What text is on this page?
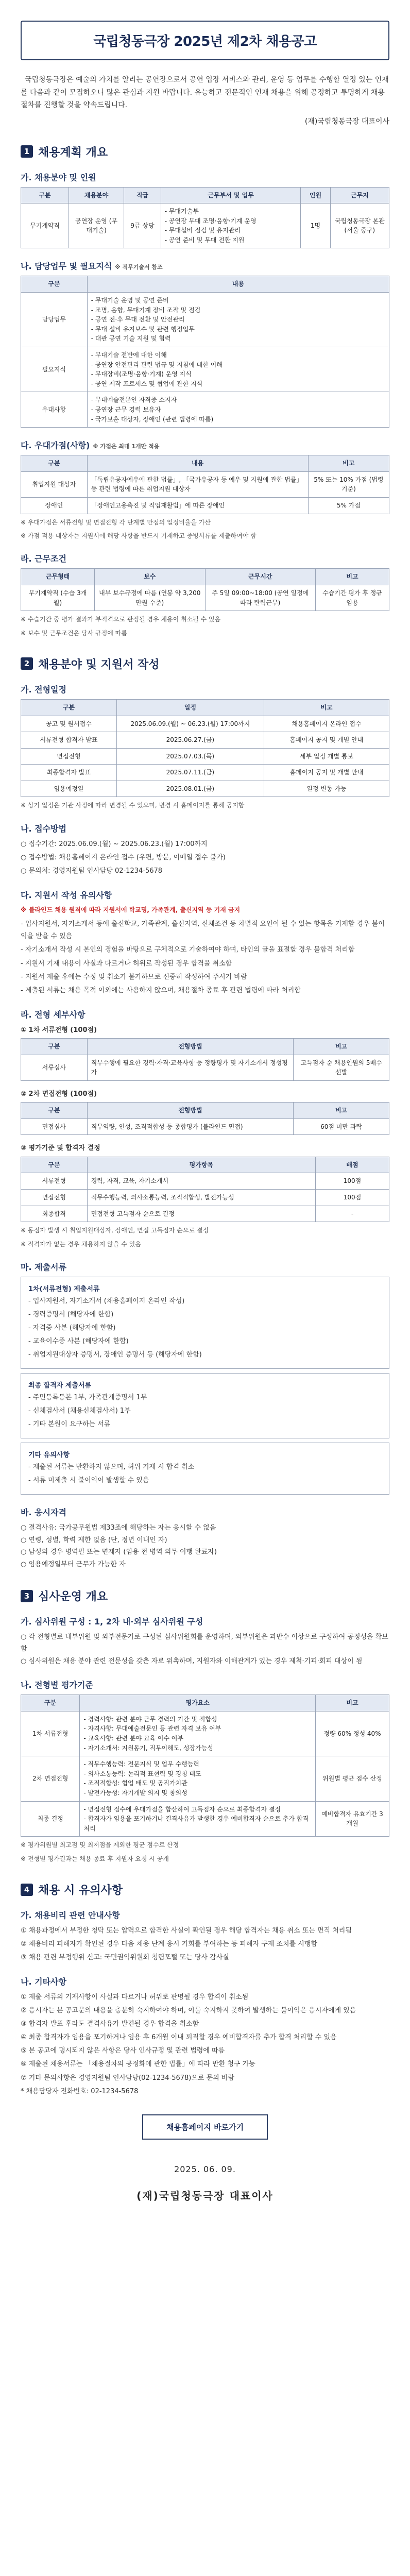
국립청동극장 2025년 제2차 채용공고

국립청동극장은 예술의 가치를 알리는 공연장으로서 공연 입장 서비스와 관리, 운영 등 업무를 수행할 열정 있는 인재를 다음과 같이 모집하오니 많은 관심과 지원 바랍니다. 유능하고 전문적인 인재 채용을 위해 공정하고 투명하게 채용절차를 진행할 것을 약속드립니다.

(재)국립청동극장 대표이사
1 채용계획 개요
가. 채용분야 및 인원
구분	채용분야	직급	근무부서 및 업무	인원	근무지
무기계약직	공연장 운영 (무대기술)	9급 상당	- 무대기술부
- 공연장 무대 조명·음향·기계 운영
- 무대설비 점검 및 유지관리
- 공연 준비 및 무대 전환 지원	1명	국립청동극장 본관 (서울 중구)
나. 담당업무 및 필요지식 ※ 직무기술서 참조
구분	내용
담당업무	- 무대기술 운영 및 공연 준비
- 조명, 음향, 무대기계 장비 조작 및 점검
- 공연 전·후 무대 전환 및 안전관리
- 무대 설비 유지보수 및 관련 행정업무
- 대관 공연 기술 지원 및 협력
필요지식	- 무대기술 전반에 대한 이해
- 공연장 안전관리 관련 법규 및 지침에 대한 이해
- 무대장비(조명·음향·기계) 운영 지식
- 공연 제작 프로세스 및 협업에 관한 지식
우대사항	- 무대예술전문인 자격증 소지자
- 공연장 근무 경력 보유자
- 국가보훈 대상자, 장애인 (관련 법령에 따름)
다. 우대가점(사항) ※ 가점은 최대 1개만 적용
구분	내용	비고
취업지원 대상자	「독립유공자예우에 관한 법률」, 「국가유공자 등 예우 및 지원에 관한 법률」 등 관련 법령에 따른 취업지원 대상자	5% 또는 10% 가점 (법령 기준)
장애인	「장애인고용촉진 및 직업재활법」에 따른 장애인	5% 가점
※ 우대가점은 서류전형 및 면접전형 각 단계별 만점의 일정비율을 가산
※ 가점 적용 대상자는 지원서에 해당 사항을 반드시 기재하고 증빙서류를 제출하여야 함
라. 근무조건
근무형태	보수	근무시간	비고
무기계약직 (수습 3개월)	내부 보수규정에 따름 (연봉 약 3,200만원 수준)	주 5일 09:00~18:00 (공연 일정에 따라 탄력근무)	수습기간 평가 후 정규 임용
※ 수습기간 중 평가 결과가 부적격으로 판정될 경우 채용이 취소될 수 있음
※ 보수 및 근무조건은 당사 규정에 따름
2 채용분야 및 지원서 작성
가. 전형일정
구분	일정	비고
공고 및 원서접수	2025.06.09.(월) ~ 06.23.(월) 17:00까지	채용홈페이지 온라인 접수
서류전형 합격자 발표	2025.06.27.(금)	홈페이지 공지 및 개별 안내
면접전형	2025.07.03.(목)	세부 일정 개별 통보
최종합격자 발표	2025.07.11.(금)	홈페이지 공지 및 개별 안내
임용예정일	2025.08.01.(금)	일정 변동 가능
※ 상기 일정은 기관 사정에 따라 변경될 수 있으며, 변경 시 홈페이지를 통해 공지함
나. 접수방법
○ 접수기간: 2025.06.09.(월) ~ 2025.06.23.(월) 17:00까지
○ 접수방법: 채용홈페이지 온라인 접수 (우편, 방문, 이메일 접수 불가)
○ 문의처: 경영지원팀 인사담당 02-1234-5678
다. 지원서 작성 유의사항
※ 블라인드 채용 원칙에 따라 지원서에 학교명, 가족관계, 출신지역 등 기재 금지
- 입사지원서, 자기소개서 등에 출신학교, 가족관계, 출신지역, 신체조건 등 차별적 요인이 될 수 있는 항목을 기재할 경우 불이익을 받을 수 있음
- 자기소개서 작성 시 본인의 경험을 바탕으로 구체적으로 기술하여야 하며, 타인의 글을 표절할 경우 불합격 처리함
- 지원서 기재 내용이 사실과 다르거나 허위로 작성된 경우 합격을 취소함
- 지원서 제출 후에는 수정 및 취소가 불가하므로 신중히 작성하여 주시기 바람
- 제출된 서류는 채용 목적 이외에는 사용하지 않으며, 채용절차 종료 후 관련 법령에 따라 처리함
라. 전형 세부사항
① 1차 서류전형 (100점)
구분	전형방법	비고
서류심사	직무수행에 필요한 경력·자격·교육사항 등 정량평가 및 자기소개서 정성평가	고득점자 순 채용인원의 5배수 선발
② 2차 면접전형 (100점)
구분	전형방법	비고
면접심사	직무역량, 인성, 조직적합성 등 종합평가 (블라인드 면접)	60점 미만 과락
③ 평가기준 및 합격자 결정
구분	평가항목	배점
서류전형	경력, 자격, 교육, 자기소개서	100점
면접전형	직무수행능력, 의사소통능력, 조직적합성, 발전가능성	100점
최종합격	면접전형 고득점자 순으로 결정	-
※ 동점자 발생 시 취업지원대상자, 장애인, 면접 고득점자 순으로 결정
※ 적격자가 없는 경우 채용하지 않을 수 있음
마. 제출서류
1차(서류전형) 제출서류
- 입사지원서, 자기소개서 (채용홈페이지 온라인 작성)
- 경력증명서 (해당자에 한함)
- 자격증 사본 (해당자에 한함)
- 교육이수증 사본 (해당자에 한함)
- 취업지원대상자 증명서, 장애인 증명서 등 (해당자에 한함)
최종 합격자 제출서류
- 주민등록등본 1부, 가족관계증명서 1부
- 신체검사서 (채용신체검사서) 1부
- 기타 본원이 요구하는 서류
기타 유의사항
- 제출된 서류는 반환하지 않으며, 허위 기재 시 합격 취소
- 서류 미제출 시 불이익이 발생할 수 있음
바. 응시자격
○ 결격사유: 국가공무원법 제33조에 해당하는 자는 응시할 수 없음
○ 연령, 성별, 학력 제한 없음 (단, 정년 이내인 자)
○ 남성의 경우 병역필 또는 면제자 (임용 전 병역 의무 이행 완료자)
○ 임용예정일부터 근무가 가능한 자
3 심사운영 개요
가. 심사위원 구성 : 1, 2차 내·외부 심사위원 구성
○ 각 전형별로 내부위원 및 외부전문가로 구성된 심사위원회를 운영하며, 외부위원은 과반수 이상으로 구성하여 공정성을 확보함
○ 심사위원은 채용 분야 관련 전문성을 갖춘 자로 위촉하며, 지원자와 이해관계가 있는 경우 제척·기피·회피 대상이 됨
나. 전형별 평가기준
구분	평가요소	비고
1차 서류전형	- 경력사항: 관련 분야 근무 경력의 기간 및 적합성
- 자격사항: 무대예술전문인 등 관련 자격 보유 여부
- 교육사항: 관련 분야 교육 이수 여부
- 자기소개서: 지원동기, 직무이해도, 성장가능성	정량 60% 정성 40%
2차 면접전형	- 직무수행능력: 전문지식 및 업무 수행능력
- 의사소통능력: 논리적 표현력 및 경청 태도
- 조직적합성: 협업 태도 및 공직가치관
- 발전가능성: 자기개발 의지 및 창의성	위원별 평균 점수 산정
최종 결정	- 면접전형 점수에 우대가점을 합산하여 고득점자 순으로 최종합격자 결정
- 합격자가 임용을 포기하거나 결격사유가 발생한 경우 예비합격자 순으로 추가 합격 처리	예비합격자 유효기간 3개월
※ 평가위원별 최고점 및 최저점을 제외한 평균 점수로 산정
※ 전형별 평가결과는 채용 종료 후 지원자 요청 시 공개
4 채용 시 유의사항
가. 채용비리 관련 안내사항
① 채용과정에서 부정한 청탁 또는 압력으로 합격한 사실이 확인될 경우 해당 합격자는 채용 취소 또는 면직 처리됨
② 채용비리 피해자가 확인된 경우 다음 채용 단계 응시 기회를 부여하는 등 피해자 구제 조치를 시행함
③ 채용 관련 부정행위 신고: 국민권익위원회 청렴포털 또는 당사 감사실
나. 기타사항
① 제출 서류의 기재사항이 사실과 다르거나 허위로 판명될 경우 합격이 취소됨
② 응시자는 본 공고문의 내용을 충분히 숙지하여야 하며, 이를 숙지하지 못하여 발생하는 불이익은 응시자에게 있음
③ 합격자 발표 후라도 결격사유가 발견될 경우 합격을 취소함
④ 최종 합격자가 임용을 포기하거나 임용 후 6개월 이내 퇴직할 경우 예비합격자를 추가 합격 처리할 수 있음
⑤ 본 공고에 명시되지 않은 사항은 당사 인사규정 및 관련 법령에 따름
⑥ 제출된 채용서류는 「채용절차의 공정화에 관한 법률」에 따라 반환 청구 가능
⑦ 기타 문의사항은 경영지원팀 인사담당(02-1234-5678)으로 문의 바람
* 채용담당자 전화번호: 02-1234-5678
채용홈페이지 바로가기
2025. 06. 09.
(재)국립청동극장 대표이사
